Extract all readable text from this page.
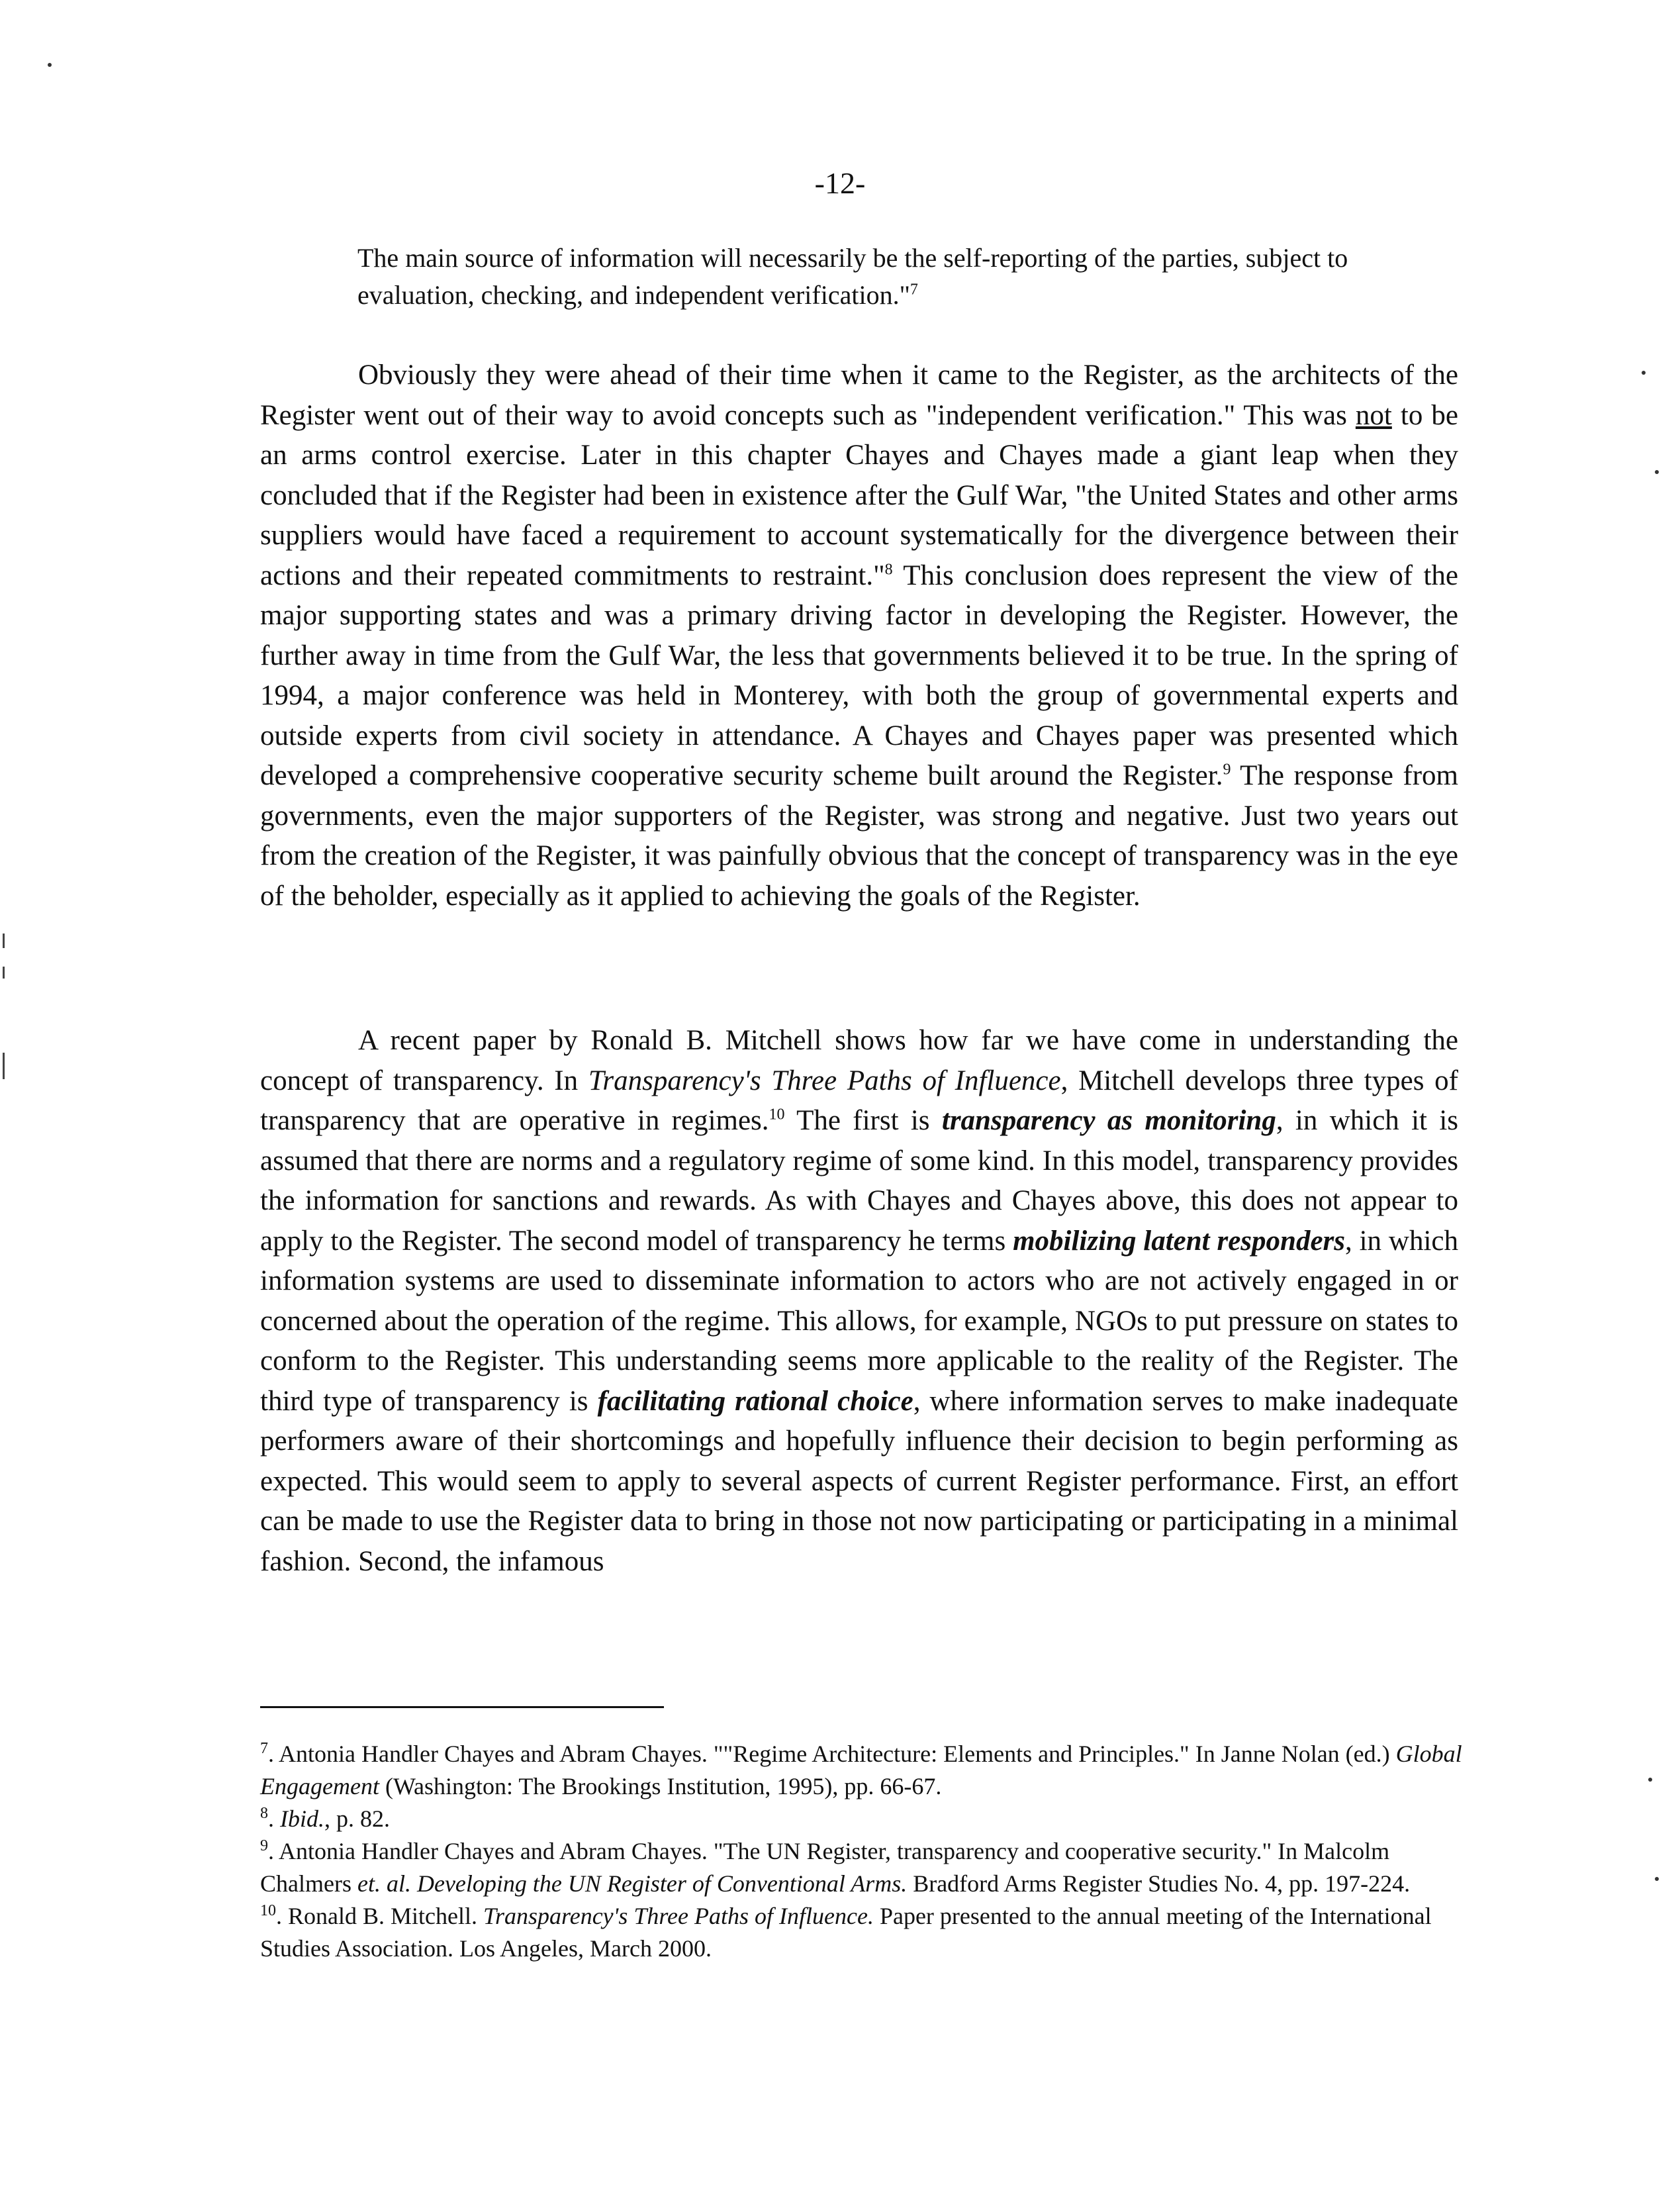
-12-

The main source of information will necessarily be the self-reporting of the parties, subject to evaluation, checking, and independent verification."$^7$

Obviously they were ahead of their time when it came to the Register, as the architects of the Register went out of their way to avoid concepts such as "independent verification." This was not to be an arms control exercise. Later in this chapter Chayes and Chayes made a giant leap when they concluded that if the Register had been in existence after the Gulf War, "the United States and other arms suppliers would have faced a requirement to account systematically for the divergence between their actions and their repeated commitments to restraint."$^8$ This conclusion does represent the view of the major supporting states and was a primary driving factor in developing the Register. However, the further away in time from the Gulf War, the less that governments believed it to be true. In the spring of 1994, a major conference was held in Monterey, with both the group of governmental experts and outside experts from civil society in attendance. A Chayes and Chayes paper was presented which developed a comprehensive cooperative security scheme built around the Register.$^9$ The response from governments, even the major supporters of the Register, was strong and negative. Just two years out from the creation of the Register, it was painfully obvious that the concept of transparency was in the eye of the beholder, especially as it applied to achieving the goals of the Register.

A recent paper by Ronald B. Mitchell shows how far we have come in understanding the concept of transparency. In Transparency's Three Paths of Influence, Mitchell develops three types of transparency that are operative in regimes.$^{10}$ The first is transparency as monitoring, in which it is assumed that there are norms and a regulatory regime of some kind. In this model, transparency provides the information for sanctions and rewards. As with Chayes and Chayes above, this does not appear to apply to the Register. The second model of transparency he terms mobilizing latent responders, in which information systems are used to disseminate information to actors who are not actively engaged in or concerned about the operation of the regime. This allows, for example, NGOs to put pressure on states to conform to the Register. This understanding seems more applicable to the reality of the Register. The third type of transparency is facilitating rational choice, where information serves to make inadequate performers aware of their shortcomings and hopefully influence their decision to begin performing as expected. This would seem to apply to several aspects of current Register performance. First, an effort can be made to use the Register data to bring in those not now participating or participating in a minimal fashion. Second, the infamous

$^7$. Antonia Handler Chayes and Abram Chayes. ""Regime Architecture: Elements and Principles." In Janne Nolan (ed.) Global Engagement (Washington: The Brookings Institution, 1995), pp. 66-67.

$^8$. Ibid., p. 82.

$^9$. Antonia Handler Chayes and Abram Chayes. "The UN Register, transparency and cooperative security." In Malcolm Chalmers et. al. Developing the UN Register of Conventional Arms. Bradford Arms Register Studies No. 4, pp. 197-224.

$^{10}$. Ronald B. Mitchell. Transparency's Three Paths of Influence. Paper presented to the annual meeting of the International Studies Association. Los Angeles, March 2000.
